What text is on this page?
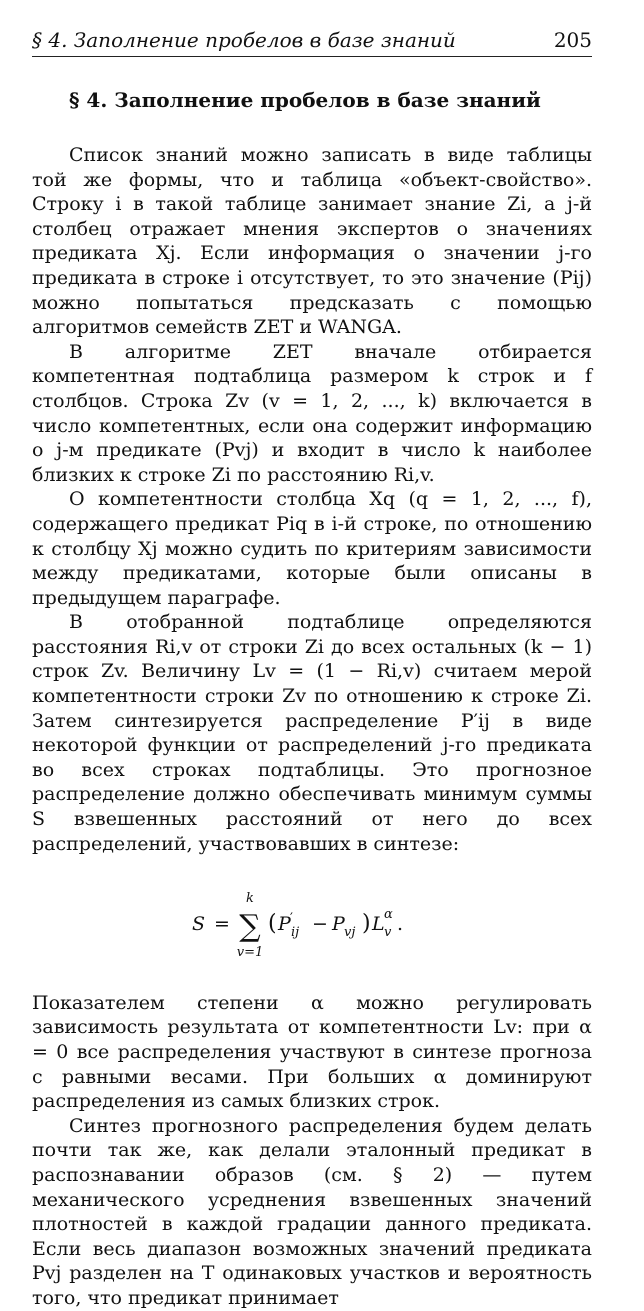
§ 4. Заполнение пробелов в базе знаний	205
§ 4. Заполнение пробелов в базе знаний

Список знаний можно записать в виде таблицы той же формы, что и таблица «объект-свойство». Строку i в такой таблице занимает знание Zi, а j-й столбец отражает мнения экспертов о значениях предиката Xj. Если информация о значении j-го предиката в строке i отсутствует, то это значение (Pij) можно попытаться предсказать с помощью алгоритмов семейств ZET и WANGA.

В алгоритме ZET вначале отбирается компетентная подтаблица размером k строк и f столбцов. Строка Zv (v = 1, 2, ..., k) включается в число компетентных, если она содержит информацию о j-м предикате (Pvj) и входит в число k наиболее близких к строке Zi по расстоянию Ri,v.

О компетентности столбца Xq (q = 1, 2, ..., f), содержащего предикат Piq в i-й строке, по отношению к столбцу Xj можно судить по критериям зависимости между предикатами, которые были описаны в предыдущем параграфе.

В отобранной подтаблице определяются расстояния Ri,v от строки Zi до всех остальных (k − 1) строк Zv. Величину Lv = (1 − Ri,v) считаем мерой компетентности строки Zv по отношению к строке Zi. Затем синтезируется распределение P′ij в виде некоторой функции от распределений j-го предиката во всех строках подтаблицы. Это прогнозное распределение должно обеспечивать минимум суммы S взвешенных расстояний от него до всех распределений, участвовавших в синтезе:

S =
k
∑
v=1
( P ′
ij − P vj ) L α
v .

Показателем степени α можно регулировать зависимость результата от компетентности Lv: при α = 0 все распределения участвуют в синтезе прогноза с равными весами. При больших α доминируют распределения из самых близких строк.

Синтез прогнозного распределения будем делать почти так же, как делали эталонный предикат в распознавании образов (см. § 2) — путем механического усреднения взвешенных значений плотностей в каждой градации данного предиката. Если весь диапазон возможных значений предиката Pvj разделен на T одинаковых участков и вероятность того, что предикат принимает
